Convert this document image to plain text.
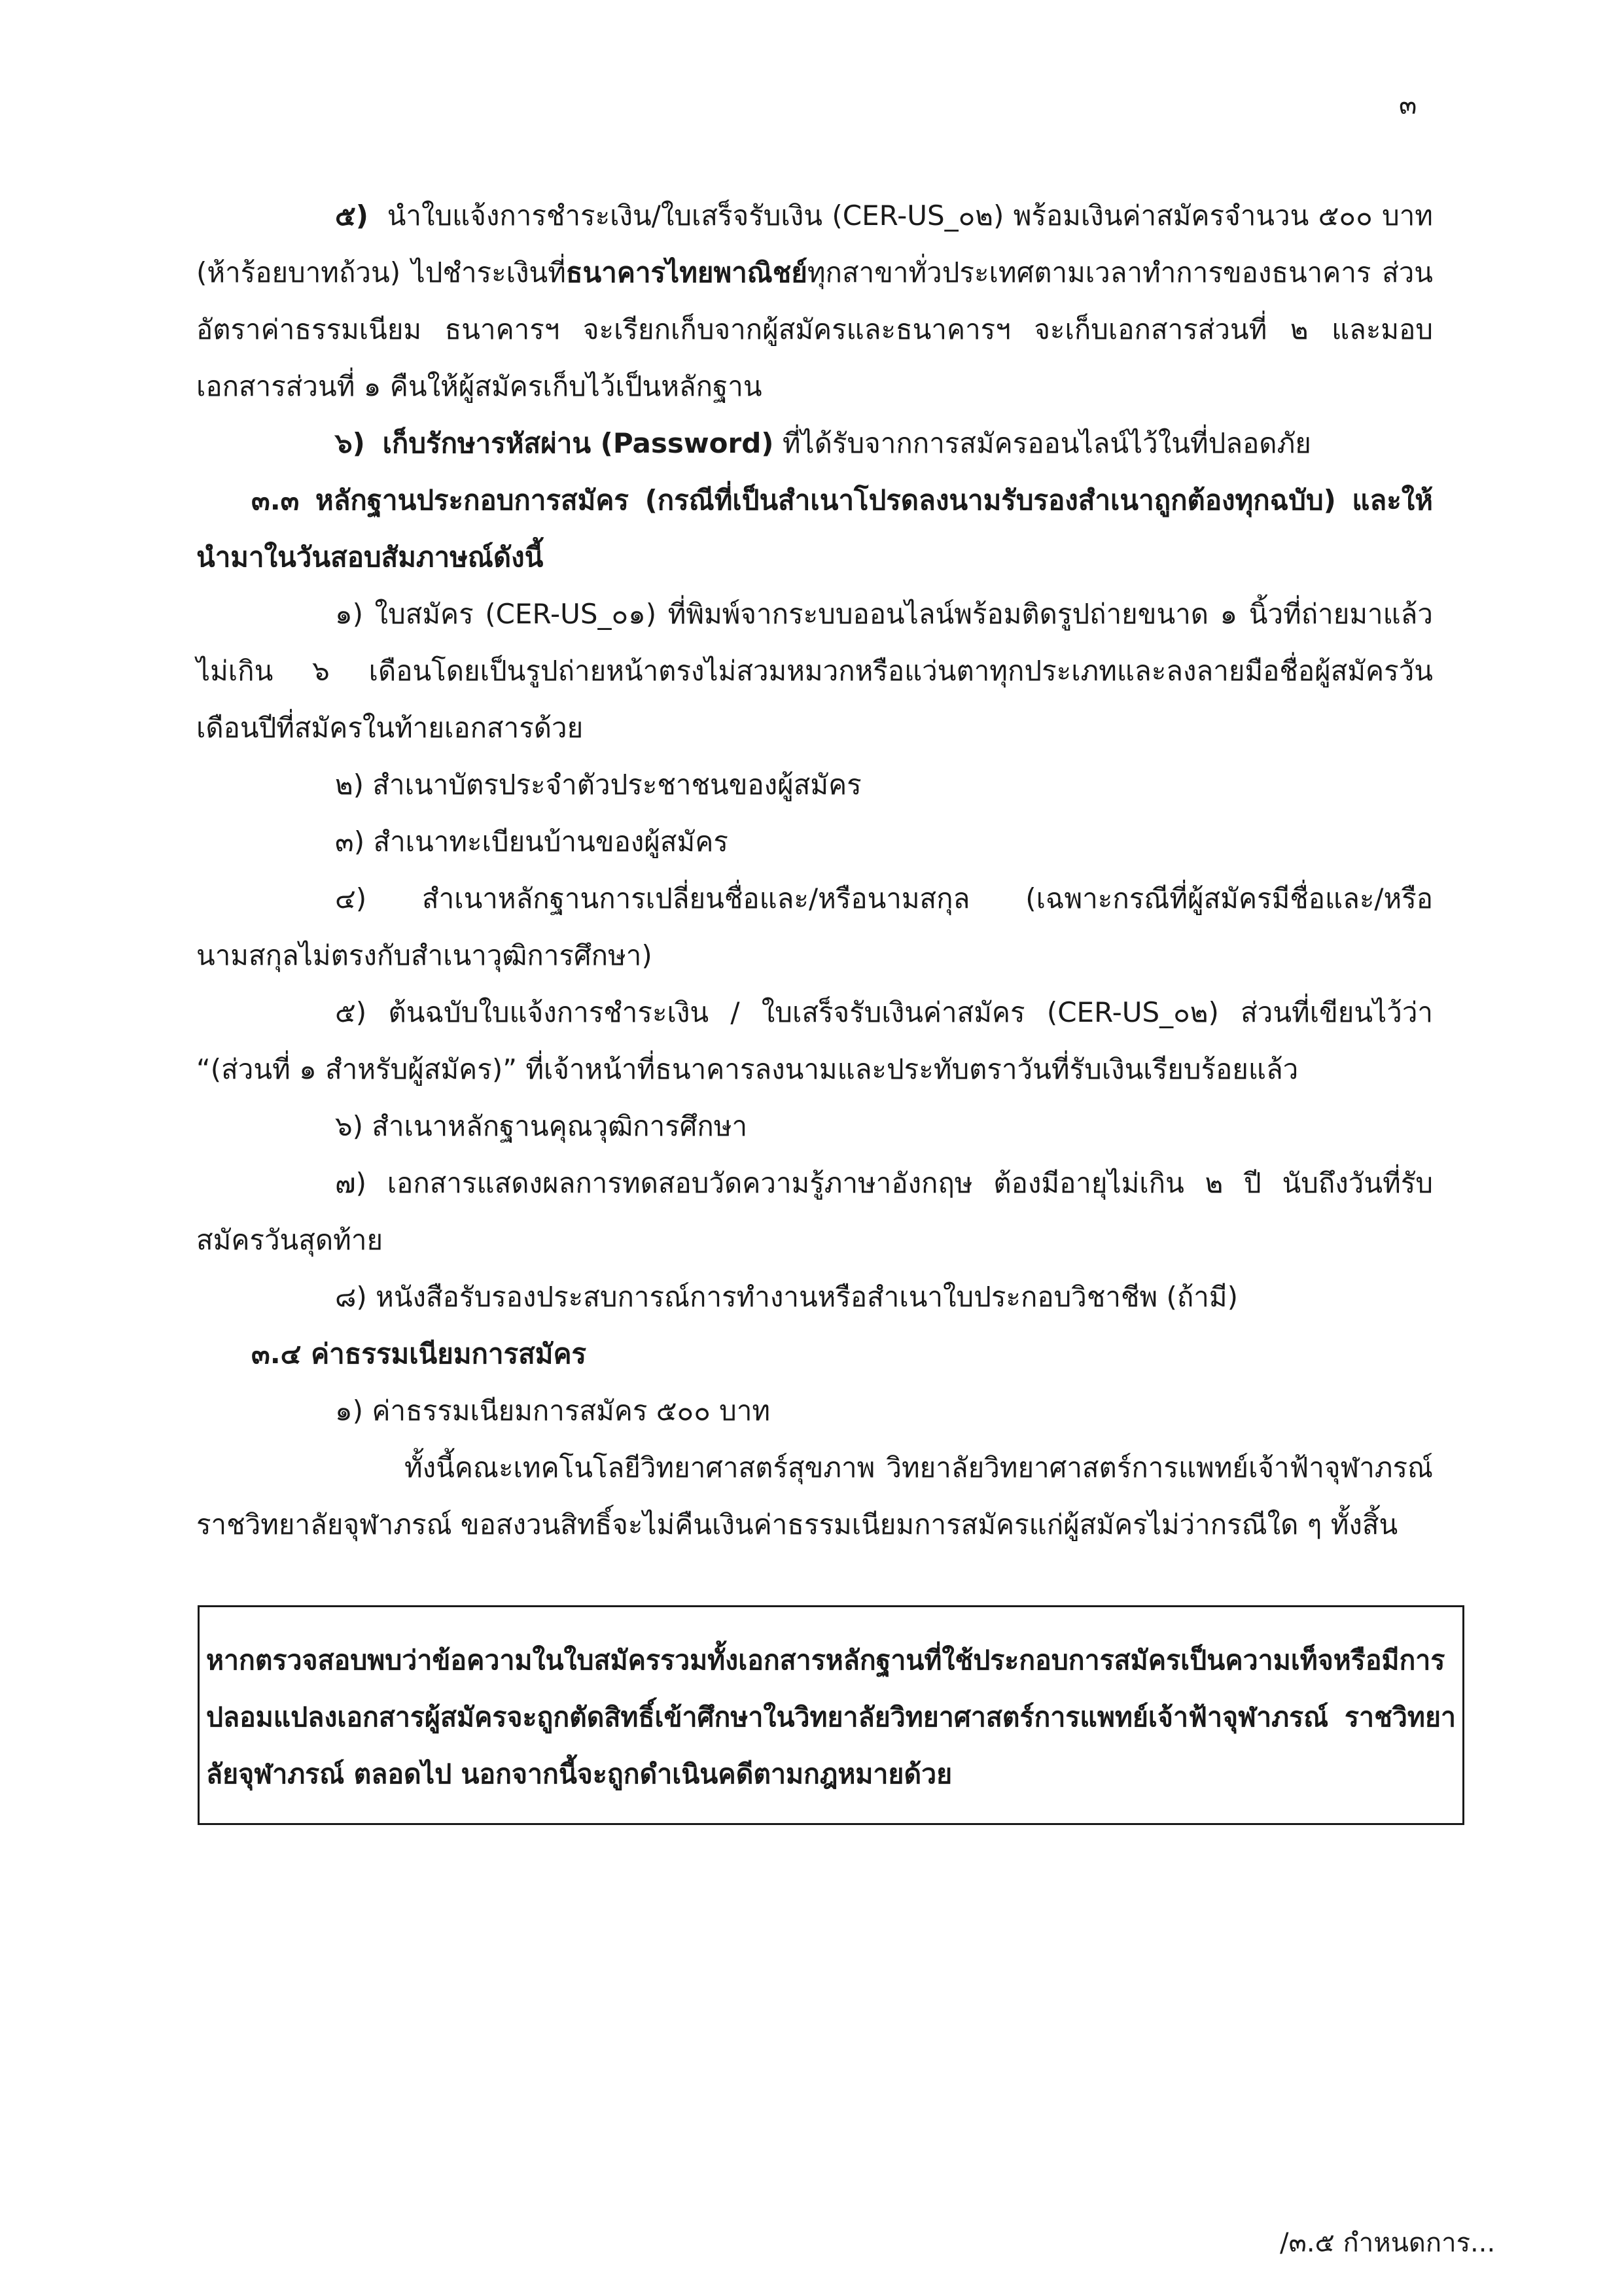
๓

๕) นำใบแจ้งการชำระเงิน/ใบเสร็จรับเงิน (CER-US_๐๒) พร้อมเงินค่าสมัครจำนวน ๕๐๐ บาท (ห้าร้อยบาทถ้วน) ไปชำระเงินที่ธนาคารไทยพาณิชย์ทุกสาขาทั่วประเทศตามเวลาทำการของธนาคาร ส่วนอัตราค่าธรรมเนียม ธนาคารฯ จะเรียกเก็บจากผู้สมัครและธนาคารฯ จะเก็บเอกสารส่วนที่ ๒ และมอบเอกสารส่วนที่ ๑ คืนให้ผู้สมัครเก็บไว้เป็นหลักฐาน

๖) เก็บรักษารหัสผ่าน (Password) ที่ได้รับจากการสมัครออนไลน์ไว้ในที่ปลอดภัย

๓.๓ หลักฐานประกอบการสมัคร (กรณีที่เป็นสำเนาโปรดลงนามรับรองสำเนาถูกต้องทุกฉบับ) และให้นำมาในวันสอบสัมภาษณ์ดังนี้

๑) ใบสมัคร (CER-US_๐๑) ที่พิมพ์จากระบบออนไลน์พร้อมติดรูปถ่ายขนาด ๑ นิ้วที่ถ่ายมาแล้วไม่เกิน ๖ เดือนโดยเป็นรูปถ่ายหน้าตรงไม่สวมหมวกหรือแว่นตาทุกประเภทและลงลายมือชื่อผู้สมัครวันเดือนปีที่สมัครในท้ายเอกสารด้วย

๒) สำเนาบัตรประจำตัวประชาชนของผู้สมัคร

๓) สำเนาทะเบียนบ้านของผู้สมัคร

๔) สำเนาหลักฐานการเปลี่ยนชื่อและ/หรือนามสกุล (เฉพาะกรณีที่ผู้สมัครมีชื่อและ/หรือนามสกุลไม่ตรงกับสำเนาวุฒิการศึกษา)

๕) ต้นฉบับใบแจ้งการชำระเงิน / ใบเสร็จรับเงินค่าสมัคร (CER-US_๐๒) ส่วนที่เขียนไว้ว่า “(ส่วนที่ ๑ สำหรับผู้สมัคร)” ที่เจ้าหน้าที่ธนาคารลงนามและประทับตราวันที่รับเงินเรียบร้อยแล้ว

๖) สำเนาหลักฐานคุณวุฒิการศึกษา

๗) เอกสารแสดงผลการทดสอบวัดความรู้ภาษาอังกฤษ ต้องมีอายุไม่เกิน ๒ ปี นับถึงวันที่รับสมัครวันสุดท้าย

๘) หนังสือรับรองประสบการณ์การทำงานหรือสำเนาใบประกอบวิชาชีพ (ถ้ามี)

๓.๔ ค่าธรรมเนียมการสมัคร

๑) ค่าธรรมเนียมการสมัคร ๕๐๐ บาท

ทั้งนี้คณะเทคโนโลยีวิทยาศาสตร์สุขภาพ วิทยาลัยวิทยาศาสตร์การแพทย์เจ้าฟ้าจุฬาภรณ์ ราชวิทยาลัยจุฬาภรณ์ ขอสงวนสิทธิ์จะไม่คืนเงินค่าธรรมเนียมการสมัครแก่ผู้สมัครไม่ว่ากรณีใด ๆ ทั้งสิ้น

หากตรวจสอบพบว่าข้อความในใบสมัครรวมทั้งเอกสารหลักฐานที่ใช้ประกอบการสมัครเป็นความเท็จหรือมีการปลอมแปลงเอกสารผู้สมัครจะถูกตัดสิทธิ์เข้าศึกษาในวิทยาลัยวิทยาศาสตร์การแพทย์เจ้าฟ้าจุฬาภรณ์ ราชวิทยาลัยจุฬาภรณ์ ตลอดไป นอกจากนี้จะถูกดำเนินคดีตามกฎหมายด้วย

/๓.๕ กำหนดการ...
